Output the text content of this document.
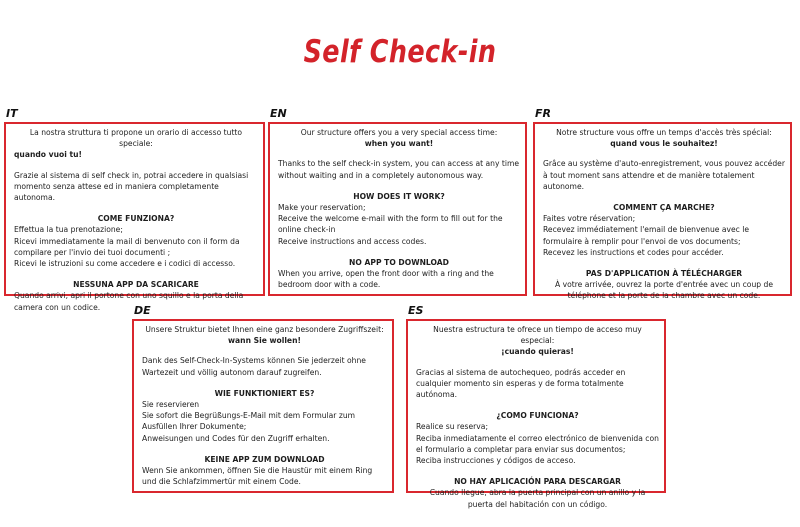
Self Check-in
IT
La nostra struttura ti propone un orario di accesso tutto speciale:
quando vuoi tu!
Grazie al sistema di self check in, potrai accedere in qualsiasi momento senza attese ed in maniera completamente autonoma.
COME FUNZIONA?
Effettua la tua prenotazione;
Ricevi immediatamente la mail di benvenuto con il form da compilare per l'invio dei tuoi documenti ;
Ricevi le istruzioni su come accedere e i codici di accesso.
NESSUNA APP DA SCARICARE
Quando arrivi, apri il portone con uno squillo e la porta della camera con un codice.
EN
Our structure offers you a very special access time:
when you want!
Thanks to the self check-in system, you can access at any time without waiting and in a completely autonomous way.
HOW DOES IT WORK?
Make your reservation;
Receive the welcome e-mail with the form to fill out for the online check-in
Receive instructions and access codes.
NO APP TO DOWNLOAD
When you arrive, open the front door with a ring and the bedroom door with a code.
FR
Notre structure vous offre un temps d'accès très spécial:
quand vous le souhaitez!
Grâce au système d'auto-enregistrement, vous pouvez accéder à tout moment sans attendre et de manière totalement autonome.
COMMENT ÇA MARCHE?
Faites votre réservation;
Recevez immédiatement l'email de bienvenue avec le formulaire à remplir pour l'envoi de vos documents;
Recevez les instructions et codes pour accéder.
PAS D'APPLICATION À TÉLÉCHARGER
À votre arrivée, ouvrez la porte d'entrée avec un coup de téléphone et la porte de la chambre avec un code.
DE
Unsere Struktur bietet Ihnen eine ganz besondere Zugriffszeit:
wann Sie wollen!
Dank des Self-Check-In-Systems können Sie jederzeit ohne Wartezeit und völlig autonom darauf zugreifen.
WIE FUNKTIONIERT ES?
Sie reservieren
Sie sofort die Begrüßungs-E-Mail mit dem Formular zum Ausfüllen Ihrer Dokumente;
Anweisungen und Codes für den Zugriff erhalten.
KEINE APP ZUM DOWNLOAD
Wenn Sie ankommen, öffnen Sie die Haustür mit einem Ring und die Schlafzimmertür mit einem Code.
ES
Nuestra estructura te ofrece un tiempo de acceso muy especial:
¡cuando quieras!
Gracias al sistema de autochequeo, podrás acceder en cualquier momento sin esperas y de forma totalmente autónoma.
¿COMO FUNCIONA?
Realice su reserva;
Reciba inmediatamente el correo electrónico de bienvenida con el formulario a completar para enviar sus documentos;
Reciba instrucciones y códigos de acceso.
NO HAY APLICACIÓN PARA DESCARGAR
Cuando llegue, abra la puerta principal con un anillo y la puerta del habitación con un código.
